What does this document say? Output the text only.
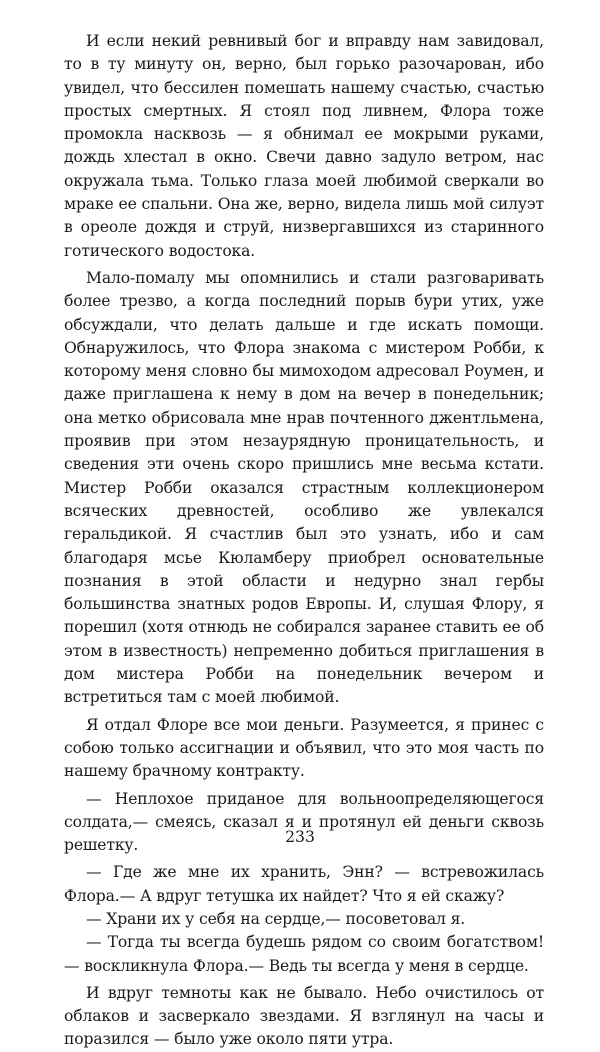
И если некий ревнивый бог и вправду нам завидовал, то в ту минуту он, верно, был горько разочарован, ибо увидел, что бессилен помешать нашему счастью, счастью простых смертных. Я стоял под ливнем, Флора тоже промокла насквозь — я обнимал ее мокрыми руками, дождь хлестал в окно. Свечи давно задуло ветром, нас окружала тьма. Только глаза моей любимой сверкали во мраке ее спальни. Она же, верно, видела лишь мой силуэт в ореоле дождя и струй, низвергавшихся из старинного готического водостока.

Мало-помалу мы опомнились и стали разговаривать более трезво, а когда последний порыв бури утих, уже обсуждали, что делать дальше и где искать помощи. Обнаружилось, что Флора знакома с мистером Робби, к которому меня словно бы мимоходом адресовал Роумен, и даже приглашена к нему в дом на вечер в понедельник; она метко обрисовала мне нрав почтенного джентльмена, проявив при этом незаурядную проницательность, и сведения эти очень скоро пришлись мне весьма кстати. Мистер Робби оказался страстным коллекционером всяческих древностей, особливо же увлекался геральдикой. Я счастлив был это узнать, ибо и сам благодаря мсье Кюламберу приобрел основательные познания в этой области и недурно знал гербы большинства знатных родов Европы. И, слушая Флору, я порешил (хотя отнюдь не собирался заранее ставить ее об этом в известность) непременно добиться приглашения в дом мистера Робби на понедельник вечером и встретиться там с моей любимой.

Я отдал Флоре все мои деньги. Разумеется, я принес с собою только ассигнации и объявил, что это моя часть по нашему брачному контракту.

— Неплохое приданое для вольноопределяющегося солдата,— смеясь, сказал я и протянул ей деньги сквозь решетку.

— Где же мне их хранить, Энн? — встревожилась Флора.— А вдруг тетушка их найдет? Что я ей скажу?

— Храни их у себя на сердце,— посоветовал я.

— Тогда ты всегда будешь рядом со своим богатством! — воскликнула Флора.— Ведь ты всегда у меня в сердце.

И вдруг темноты как не бывало. Небо очистилось от облаков и засверкало звездами. Я взглянул на часы и поразился — было уже около пяти утра.

233
